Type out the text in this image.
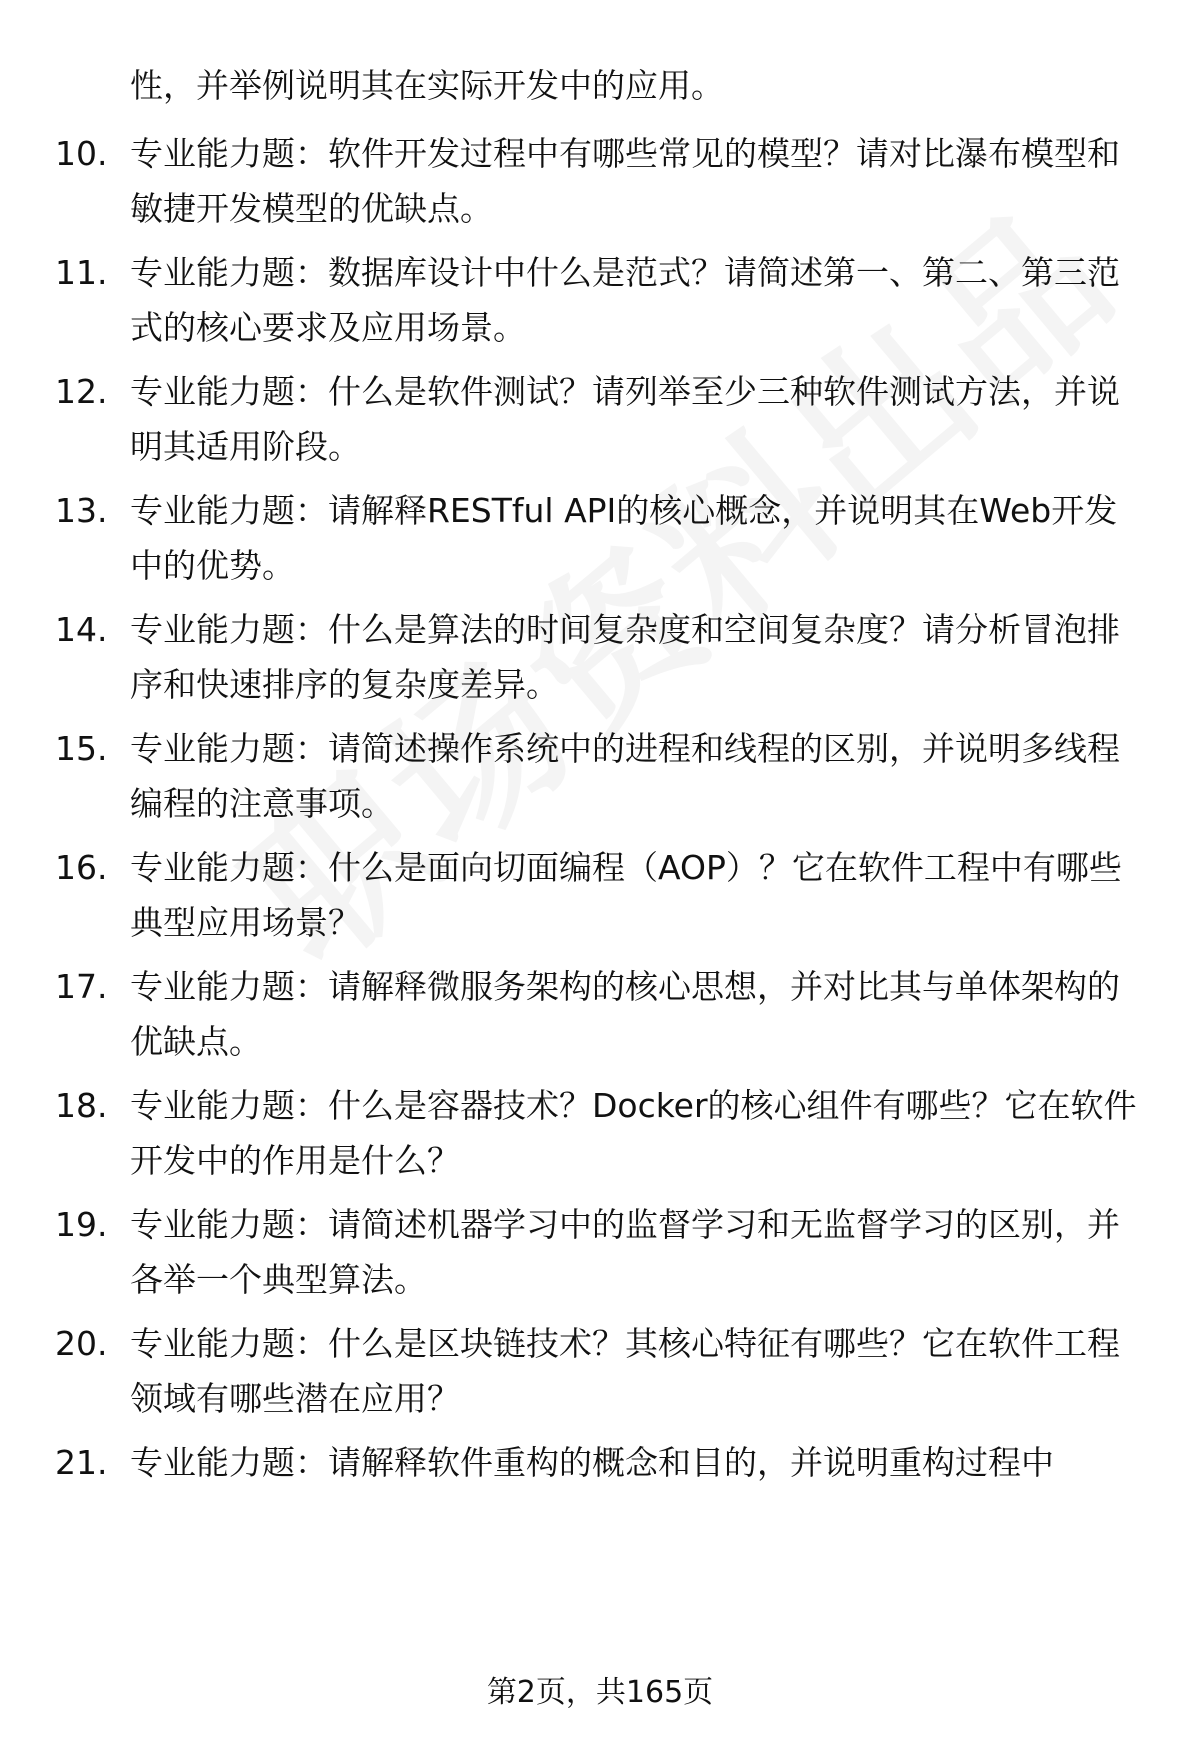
性，并举例说明其在实际开发中的应用。

10. 专业能力题：软件开发过程中有哪些常见的模型？请对比瀑布模型和敏捷开发模型的优缺点。

11. 专业能力题：数据库设计中什么是范式？请简述第一、第二、第三范式的核心要求及应用场景。

12. 专业能力题：什么是软件测试？请列举至少三种软件测试方法，并说明其适用阶段。

13. 专业能力题：请解释RESTful API的核心概念，并说明其在Web开发中的优势。

14. 专业能力题：什么是算法的时间复杂度和空间复杂度？请分析冒泡排序和快速排序的复杂度差异。

15. 专业能力题：请简述操作系统中的进程和线程的区别，并说明多线程编程的注意事项。

16. 专业能力题：什么是面向切面编程（AOP）？它在软件工程中有哪些典型应用场景？

17. 专业能力题：请解释微服务架构的核心思想，并对比其与单体架构的优缺点。

18. 专业能力题：什么是容器技术？Docker的核心组件有哪些？它在软件开发中的作用是什么？

19. 专业能力题：请简述机器学习中的监督学习和无监督学习的区别，并各举一个典型算法。

20. 专业能力题：什么是区块链技术？其核心特征有哪些？它在软件工程领域有哪些潜在应用？

21. 专业能力题：请解释软件重构的概念和目的，并说明重构过程中

第2页，共165页
